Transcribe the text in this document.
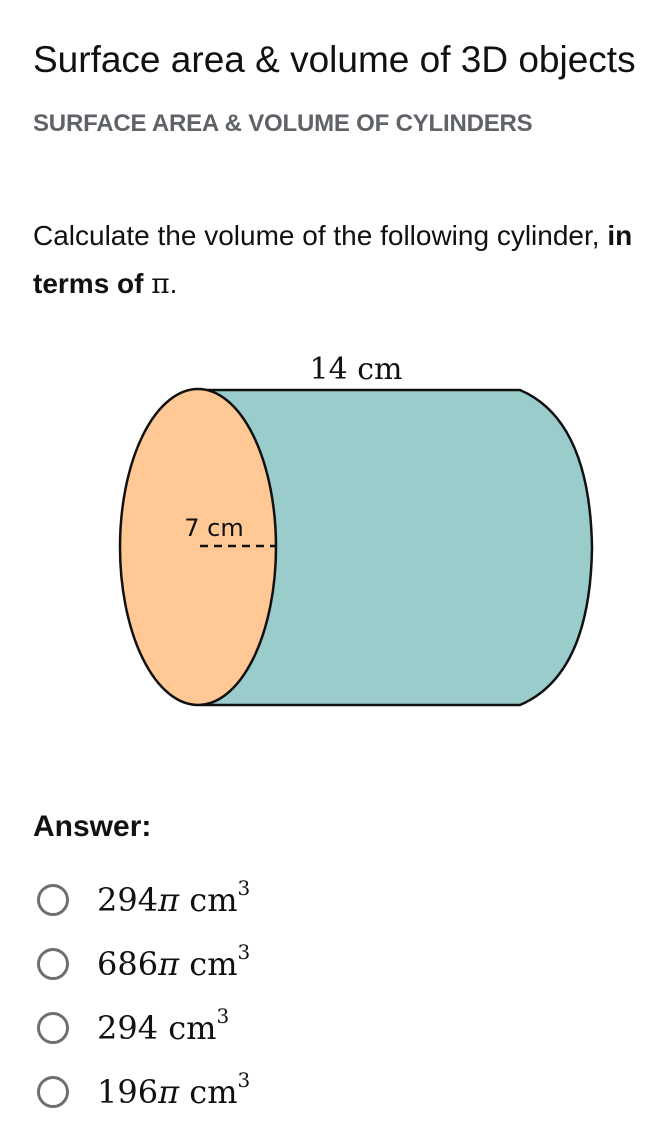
Surface area & volume of 3D objects
SURFACE AREA & VOLUME OF CYLINDERS
Calculate the volume of the following cylinder, in terms of π.
14 cm
7 cm
Answer:
294π $cm^3$
686π $cm^3$
294 $cm^3$
196π $cm^3$
